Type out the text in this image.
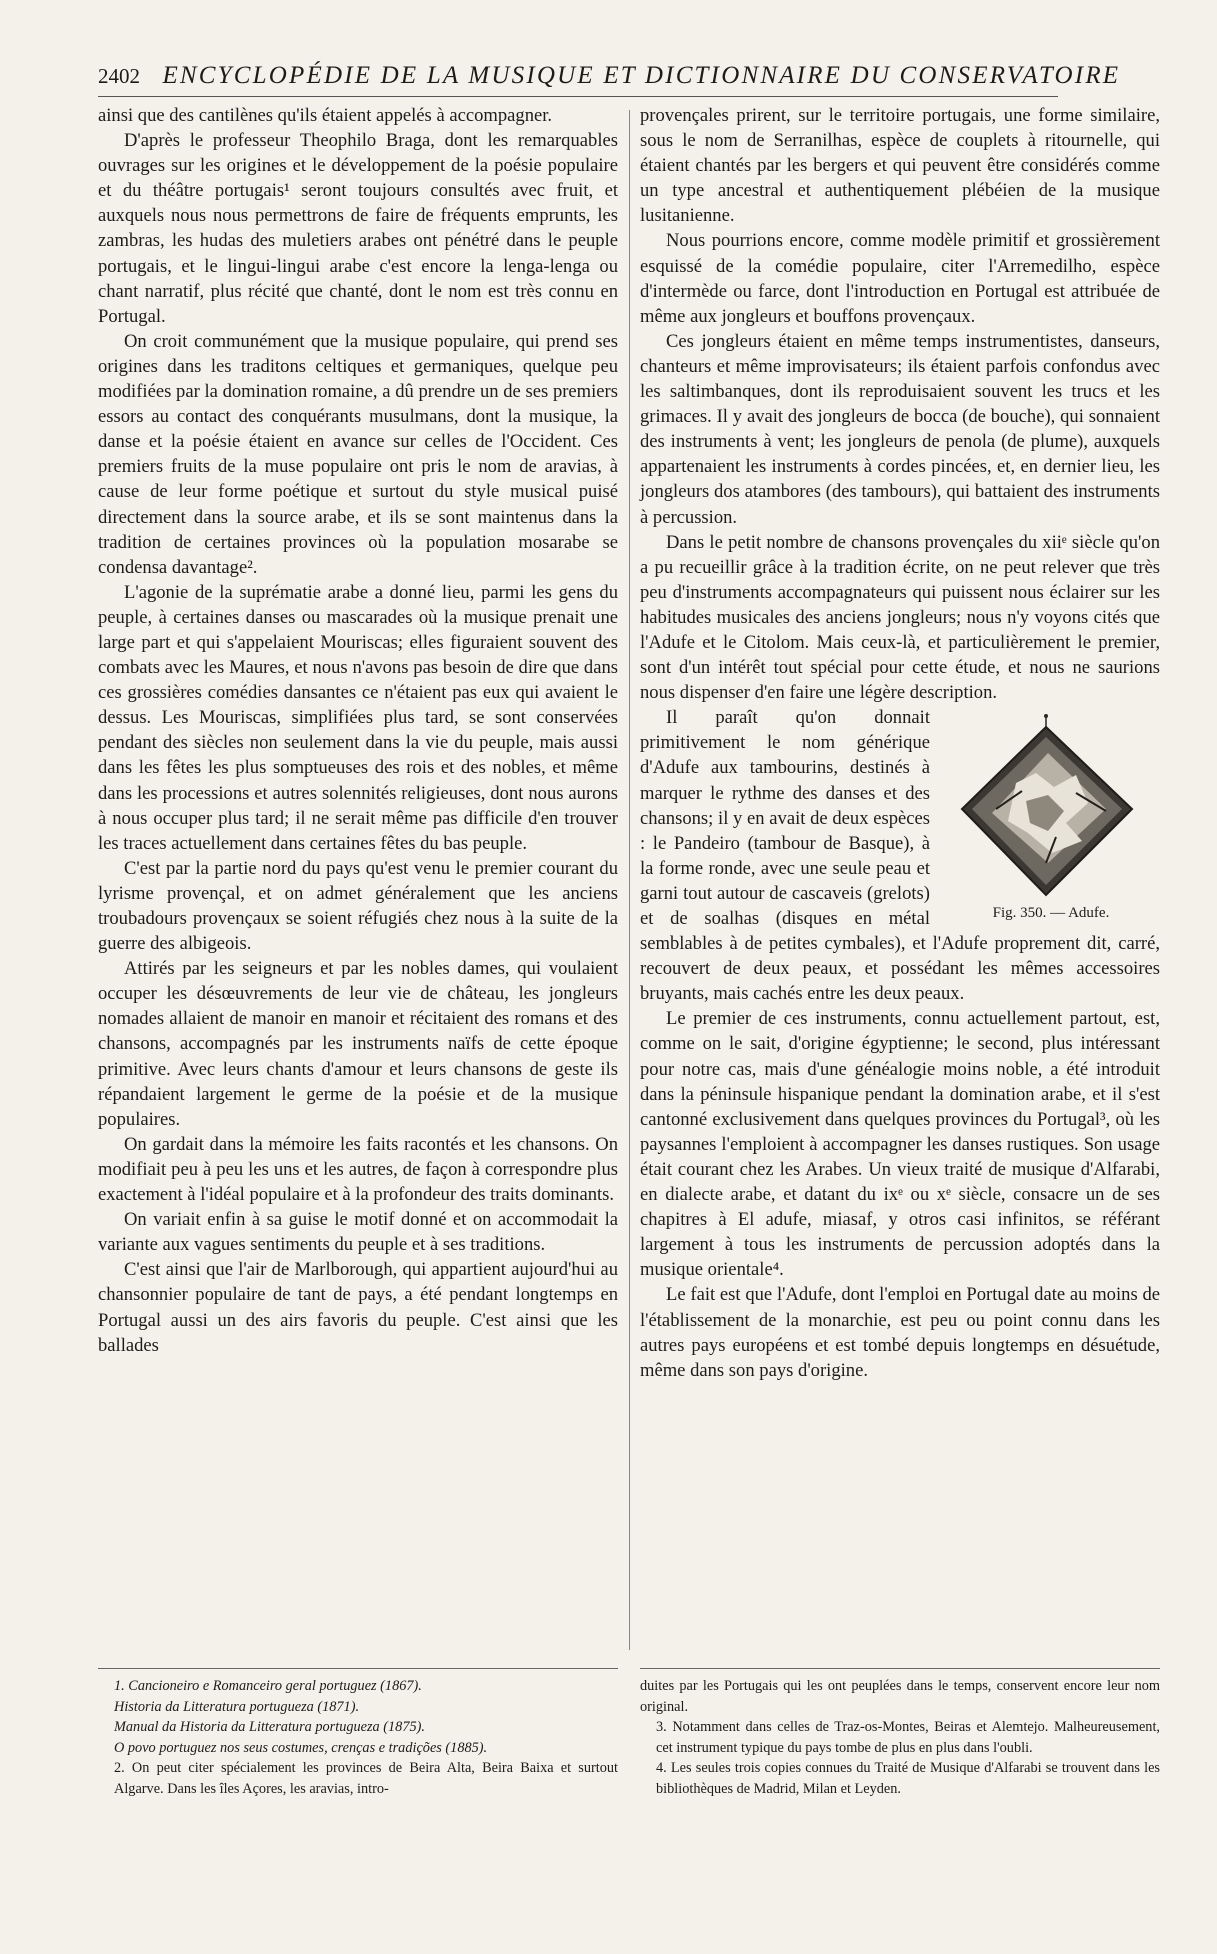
2402 ENCYCLOPÉDIE DE LA MUSIQUE ET DICTIONNAIRE DU CONSERVATOIRE

ainsi que des cantilènes qu'ils étaient appelés à accompagner.

D'après le professeur Theophilo Braga, dont les remarquables ouvrages sur les origines et le développement de la poésie populaire et du théâtre portugais¹ seront toujours consultés avec fruit, et auxquels nous nous permettrons de faire de fréquents emprunts, les zambras, les hudas des muletiers arabes ont pénétré dans le peuple portugais, et le lingui-lingui arabe c'est encore la lenga-lenga ou chant narratif, plus récité que chanté, dont le nom est très connu en Portugal.

On croit communément que la musique populaire, qui prend ses origines dans les traditons celtiques et germaniques, quelque peu modifiées par la domination romaine, a dû prendre un de ses premiers essors au contact des conquérants musulmans, dont la musique, la danse et la poésie étaient en avance sur celles de l'Occident. Ces premiers fruits de la muse populaire ont pris le nom de aravias, à cause de leur forme poétique et surtout du style musical puisé directement dans la source arabe, et ils se sont maintenus dans la tradition de certaines provinces où la population mosarabe se condensa davantage².

L'agonie de la suprématie arabe a donné lieu, parmi les gens du peuple, à certaines danses ou mascarades où la musique prenait une large part et qui s'appelaient Mouriscas; elles figuraient souvent des combats avec les Maures, et nous n'avons pas besoin de dire que dans ces grossières comédies dansantes ce n'étaient pas eux qui avaient le dessus. Les Mouriscas, simplifiées plus tard, se sont conservées pendant des siècles non seulement dans la vie du peuple, mais aussi dans les fêtes les plus somptueuses des rois et des nobles, et même dans les processions et autres solennités religieuses, dont nous aurons à nous occuper plus tard; il ne serait même pas difficile d'en trouver les traces actuellement dans certaines fêtes du bas peuple.

C'est par la partie nord du pays qu'est venu le premier courant du lyrisme provençal, et on admet généralement que les anciens troubadours provençaux se soient réfugiés chez nous à la suite de la guerre des albigeois.

Attirés par les seigneurs et par les nobles dames, qui voulaient occuper les désœuvrements de leur vie de château, les jongleurs nomades allaient de manoir en manoir et récitaient des romans et des chansons, accompagnés par les instruments naïfs de cette époque primitive. Avec leurs chants d'amour et leurs chansons de geste ils répandaient largement le germe de la poésie et de la musique populaires.

On gardait dans la mémoire les faits racontés et les chansons. On modifiait peu à peu les uns et les autres, de façon à correspondre plus exactement à l'idéal populaire et à la profondeur des traits dominants.

On variait enfin à sa guise le motif donné et on accommodait la variante aux vagues sentiments du peuple et à ses traditions.

C'est ainsi que l'air de Marlborough, qui appartient aujourd'hui au chansonnier populaire de tant de pays, a été pendant longtemps en Portugal aussi un des airs favoris du peuple. C'est ainsi que les ballades

provençales prirent, sur le territoire portugais, une forme similaire, sous le nom de Serranilhas, espèce de couplets à ritournelle, qui étaient chantés par les bergers et qui peuvent être considérés comme un type ancestral et authentiquement plébéien de la musique lusitanienne.

Nous pourrions encore, comme modèle primitif et grossièrement esquissé de la comédie populaire, citer l'Arremedilho, espèce d'intermède ou farce, dont l'introduction en Portugal est attribuée de même aux jongleurs et bouffons provençaux.

Ces jongleurs étaient en même temps instrumentistes, danseurs, chanteurs et même improvisateurs; ils étaient parfois confondus avec les saltimbanques, dont ils reproduisaient souvent les trucs et les grimaces. Il y avait des jongleurs de bocca (de bouche), qui sonnaient des instruments à vent; les jongleurs de penola (de plume), auxquels appartenaient les instruments à cordes pincées, et, en dernier lieu, les jongleurs dos atambores (des tambours), qui battaient des instruments à percussion.

Dans le petit nombre de chansons provençales du xiiᵉ siècle qu'on a pu recueillir grâce à la tradition écrite, on ne peut relever que très peu d'instruments accompagnateurs qui puissent nous éclairer sur les habitudes musicales des anciens jongleurs; nous n'y voyons cités que l'Adufe et le Citolom. Mais ceux-là, et particulièrement le premier, sont d'un intérêt tout spécial pour cette étude, et nous ne saurions nous dispenser d'en faire une légère description.

Fig. 350. — Adufe.

Il paraît qu'on donnait primitivement le nom générique d'Adufe aux tambourins, destinés à marquer le rythme des danses et des chansons; il y en avait de deux espèces : le Pandeiro (tambour de Basque), à la forme ronde, avec une seule peau et garni tout autour de cascaveis (grelots) et de soalhas (disques en métal semblables à de petites cymbales), et l'Adufe proprement dit, carré, recouvert de deux peaux, et possédant les mêmes accessoires bruyants, mais cachés entre les deux peaux.

Le premier de ces instruments, connu actuellement partout, est, comme on le sait, d'origine égyptienne; le second, plus intéressant pour notre cas, mais d'une généalogie moins noble, a été introduit dans la péninsule hispanique pendant la domination arabe, et il s'est cantonné exclusivement dans quelques provinces du Portugal³, où les paysannes l'emploient à accompagner les danses rustiques. Son usage était courant chez les Arabes. Un vieux traité de musique d'Alfarabi, en dialecte arabe, et datant du ixᵉ ou xᵉ siècle, consacre un de ses chapitres à El adufe, miasaf, y otros casi infinitos, se référant largement à tous les instruments de percussion adoptés dans la musique orientale⁴.

Le fait est que l'Adufe, dont l'emploi en Portugal date au moins de l'établissement de la monarchie, est peu ou point connu dans les autres pays européens et est tombé depuis longtemps en désuétude, même dans son pays d'origine.

1. Cancioneiro e Romanceiro geral portuguez (1867).
Historia da Litteratura portugueza (1871).
Manual da Historia da Litteratura portugueza (1875).
O povo portuguez nos seus costumes, crenças e tradições (1885).
2. On peut citer spécialement les provinces de Beira Alta, Beira Baixa et surtout Algarve. Dans les îles Açores, les aravias, intro-
duites par les Portugais qui les ont peuplées dans le temps, conservent encore leur nom original.
3. Notamment dans celles de Traz-os-Montes, Beiras et Alemtejo. Malheureusement, cet instrument typique du pays tombe de plus en plus dans l'oubli.
4. Les seules trois copies connues du Traité de Musique d'Alfarabi se trouvent dans les bibliothèques de Madrid, Milan et Leyden.
